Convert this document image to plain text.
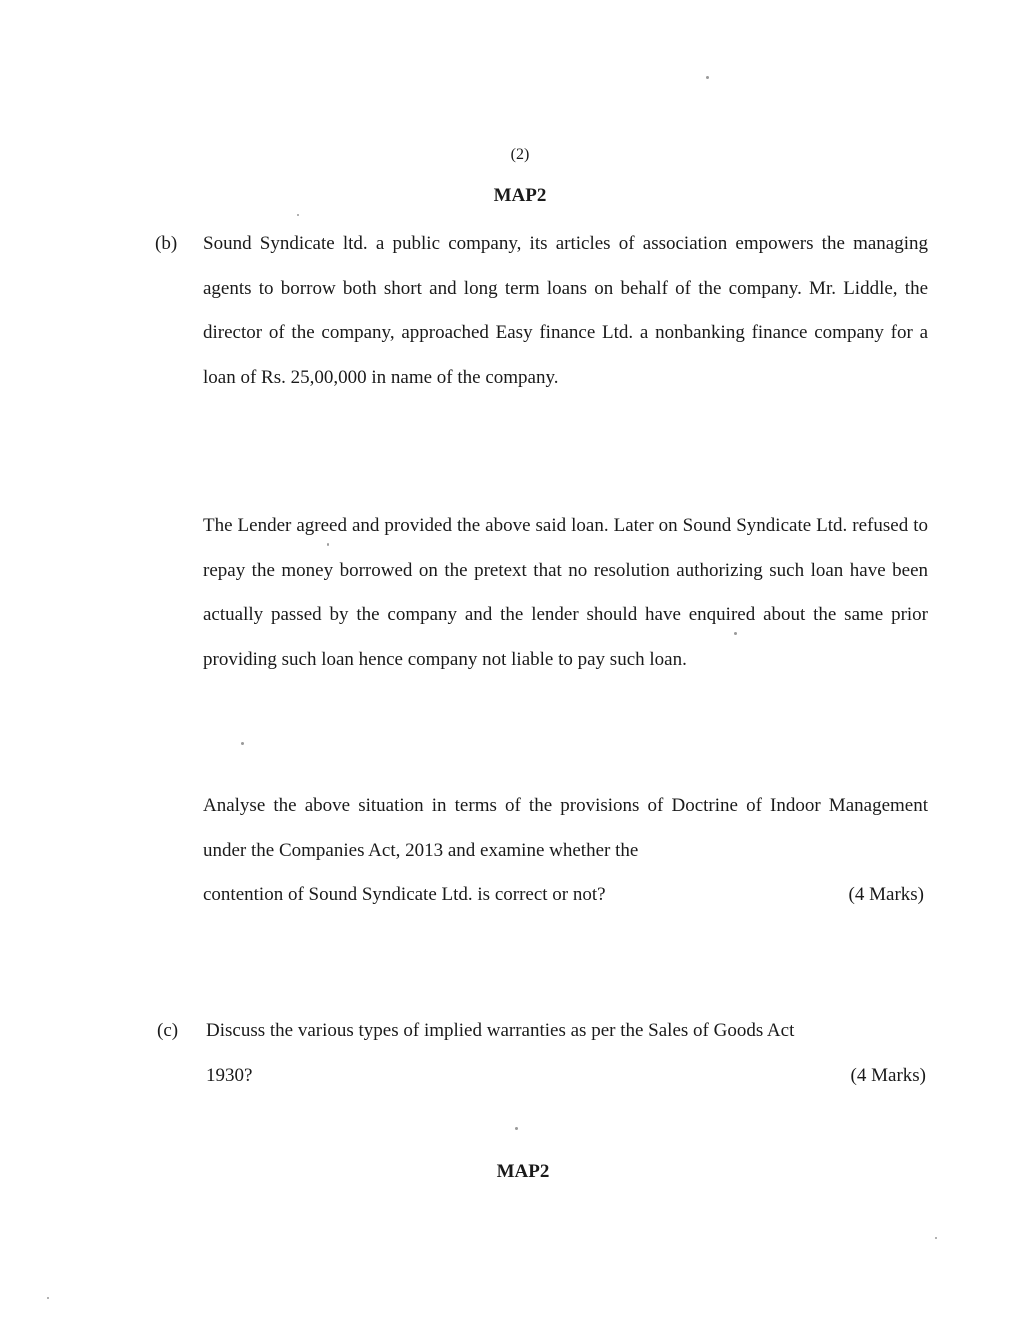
(2)
MAP2
(b) Sound Syndicate ltd. a public company, its articles of association empowers the managing agents to borrow both short and long term loans on behalf of the company. Mr. Liddle, the director of the company, approached Easy finance Ltd. a nonbanking finance company for a loan of Rs. 25,00,000 in name of the company.

The Lender agreed and provided the above said loan. Later on Sound Syndicate Ltd. refused to repay the money borrowed on the pretext that no resolution authorizing such loan have been actually passed by the company and the lender should have enquired about the same prior providing such loan hence company not liable to pay such loan.

Analyse the above situation in terms of the provisions of Doctrine of Indoor Management under the Companies Act, 2013 and examine whether the
contention of Sound Syndicate Ltd. is correct or not?	(4 Marks)
(c) Discuss the various types of implied warranties as per the Sales of Goods Act
1930?	(4 Marks)
MAP2
